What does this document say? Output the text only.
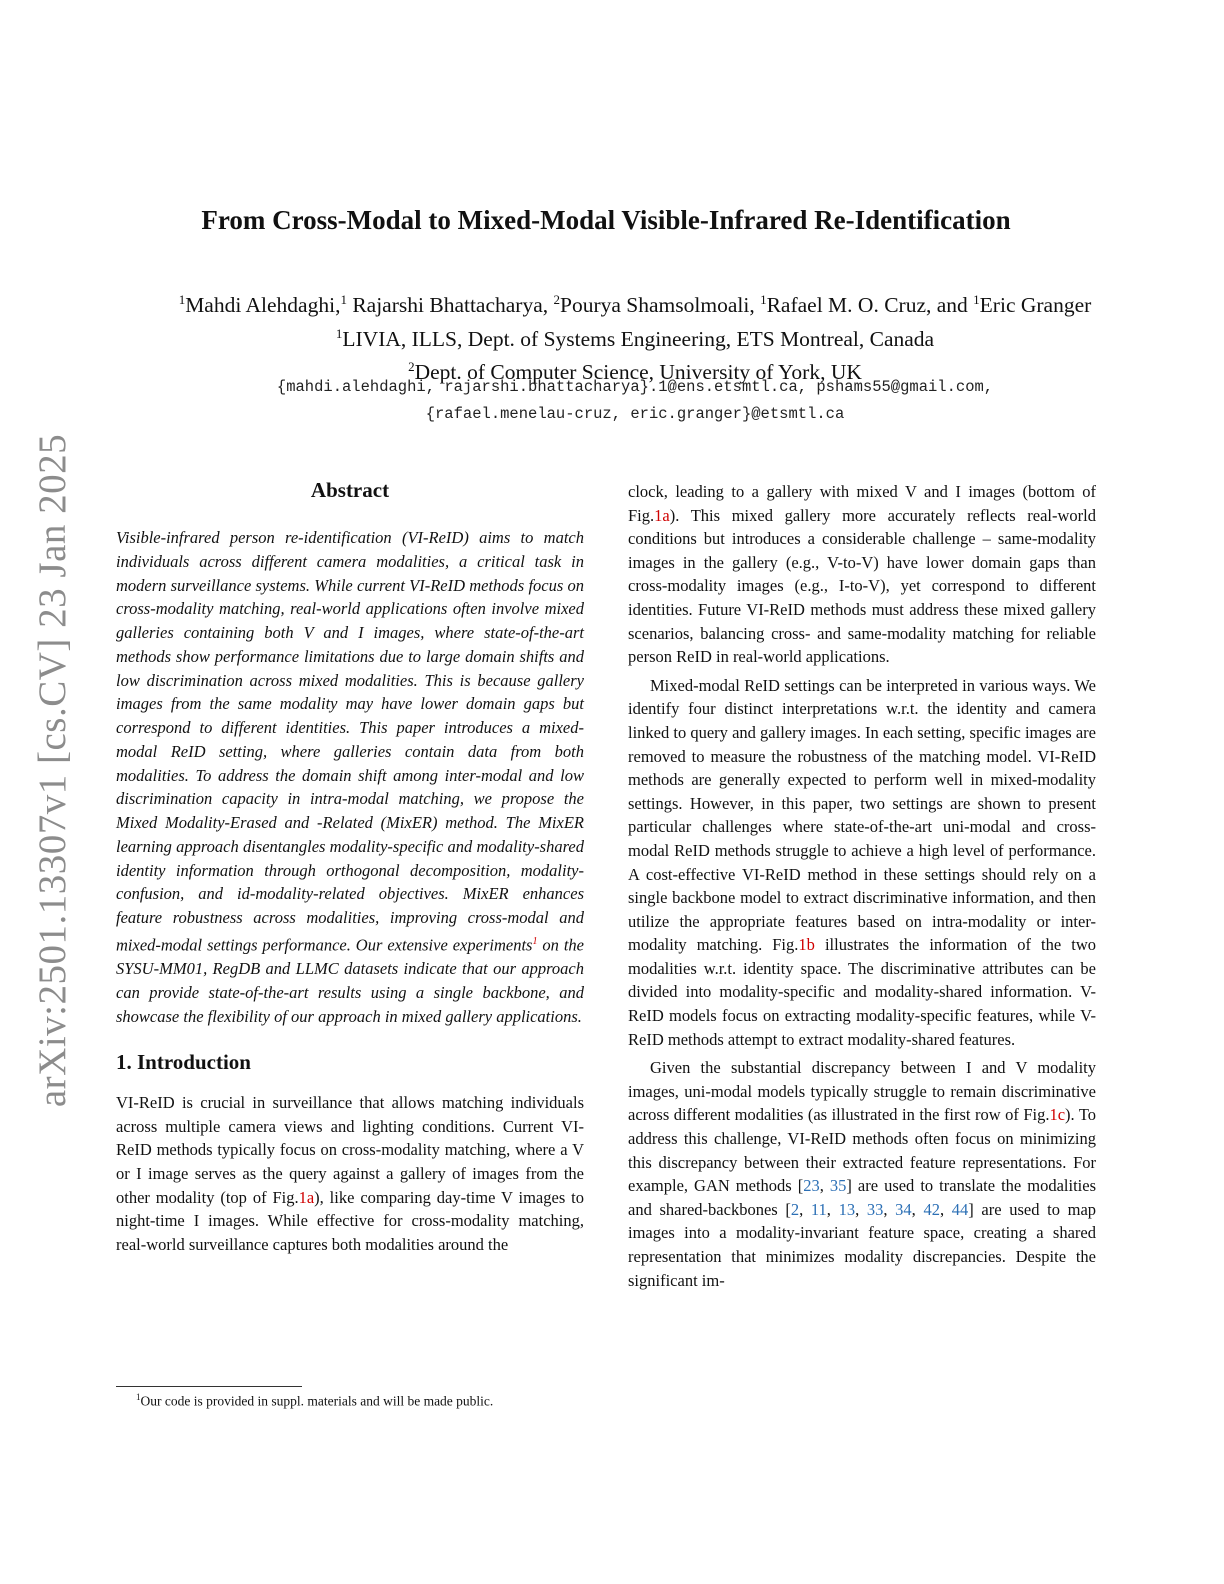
arXiv:2501.13307v1 [cs.CV] 23 Jan 2025
From Cross-Modal to Mixed-Modal Visible-Infrared Re-Identification
$^1$Mahdi Alehdaghi,$^1$ Rajarshi Bhattacharya, $^2$Pourya Shamsolmoali, $^1$Rafael M. O. Cruz, and $^1$Eric Granger
$^1$LIVIA, ILLS, Dept. of Systems Engineering, ETS Montreal, Canada
$^2$Dept. of Computer Science, University of York, UK
{mahdi.alehdaghi, rajarshi.bhattacharya}.1@ens.etsmtl.ca, pshams55@gmail.com,
{rafael.menelau-cruz, eric.granger}@etsmtl.ca
Abstract

Visible-infrared person re-identification (VI-ReID) aims to match individuals across different camera modalities, a critical task in modern surveillance systems. While current VI-ReID methods focus on cross-modality matching, real-world applications often involve mixed galleries containing both V and I images, where state-of-the-art methods show performance limitations due to large domain shifts and low discrimination across mixed modalities. This is because gallery images from the same modality may have lower domain gaps but correspond to different identities. This paper introduces a mixed-modal ReID setting, where galleries contain data from both modalities. To address the domain shift among inter-modal and low discrimination capacity in intra-modal matching, we propose the Mixed Modality-Erased and -Related (MixER) method. The MixER learning approach disentangles modality-specific and modality-shared identity information through orthogonal decomposition, modality-confusion, and id-modality-related objectives. MixER enhances feature robustness across modalities, improving cross-modal and mixed-modal settings performance. Our extensive experiments$^1$ on the SYSU-MM01, RegDB and LLMC datasets indicate that our approach can provide state-of-the-art results using a single backbone, and showcase the flexibility of our approach in mixed gallery applications.

1. Introduction

VI-ReID is crucial in surveillance that allows matching individuals across multiple camera views and lighting conditions. Current VI-ReID methods typically focus on cross-modality matching, where a V or I image serves as the query against a gallery of images from the other modality (top of Fig.1a), like comparing day-time V images to night-time I images. While effective for cross-modality matching, real-world surveillance captures both modalities around the

clock, leading to a gallery with mixed V and I images (bottom of Fig.1a). This mixed gallery more accurately reflects real-world conditions but introduces a considerable challenge – same-modality images in the gallery (e.g., V-to-V) have lower domain gaps than cross-modality images (e.g., I-to-V), yet correspond to different identities. Future VI-ReID methods must address these mixed gallery scenarios, balancing cross- and same-modality matching for reliable person ReID in real-world applications.

Mixed-modal ReID settings can be interpreted in various ways. We identify four distinct interpretations w.r.t. the identity and camera linked to query and gallery images. In each setting, specific images are removed to measure the robustness of the matching model. VI-ReID methods are generally expected to perform well in mixed-modality settings. However, in this paper, two settings are shown to present particular challenges where state-of-the-art uni-modal and cross-modal ReID methods struggle to achieve a high level of performance. A cost-effective VI-ReID method in these settings should rely on a single backbone model to extract discriminative information, and then utilize the appropriate features based on intra-modality or inter-modality matching. Fig.1b illustrates the information of the two modalities w.r.t. identity space. The discriminative attributes can be divided into modality-specific and modality-shared information. V-ReID models focus on extracting modality-specific features, while V-ReID methods attempt to extract modality-shared features.

Given the substantial discrepancy between I and V modality images, uni-modal models typically struggle to remain discriminative across different modalities (as illustrated in the first row of Fig.1c). To address this challenge, VI-ReID methods often focus on minimizing this discrepancy between their extracted feature representations. For example, GAN methods [23, 35] are used to translate the modalities and shared-backbones [2, 11, 13, 33, 34, 42, 44] are used to map images into a modality-invariant feature space, creating a shared representation that minimizes modality discrepancies. Despite the significant im-

$^1$Our code is provided in suppl. materials and will be made public.
